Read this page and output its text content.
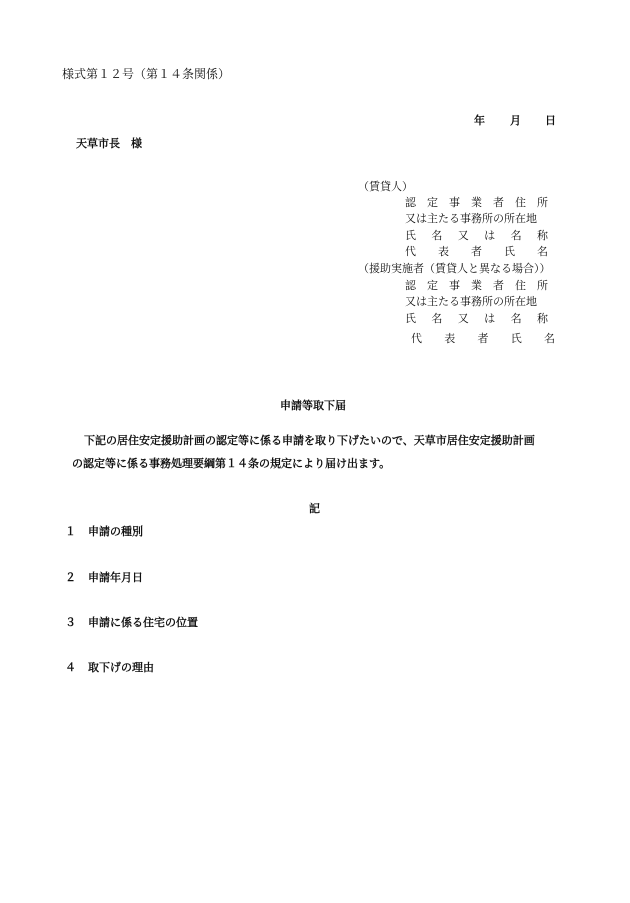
様式第１２号（第１４条関係）
年 月 日
天草市長　様
（賃貸人）
認 定 事 業 者 住 所
又は主たる事務所の所在地
氏 名 又 は 名 称
代 表 者 氏 名
（援助実施者（賃貸人と異なる場合））
認 定 事 業 者 住 所
又は主たる事務所の所在地
氏 名 又 は 名 称
代 表 者 氏 名
申請等取下届
下記の居住安定援助計画の認定等に係る申請を取り下げたいので、天草市居住安定援助計画
の認定等に係る事務処理要綱第１４条の規定により届け出ます。
記
１ 申請の種別
２ 申請年月日
３ 申請に係る住宅の位置
４ 取下げの理由
